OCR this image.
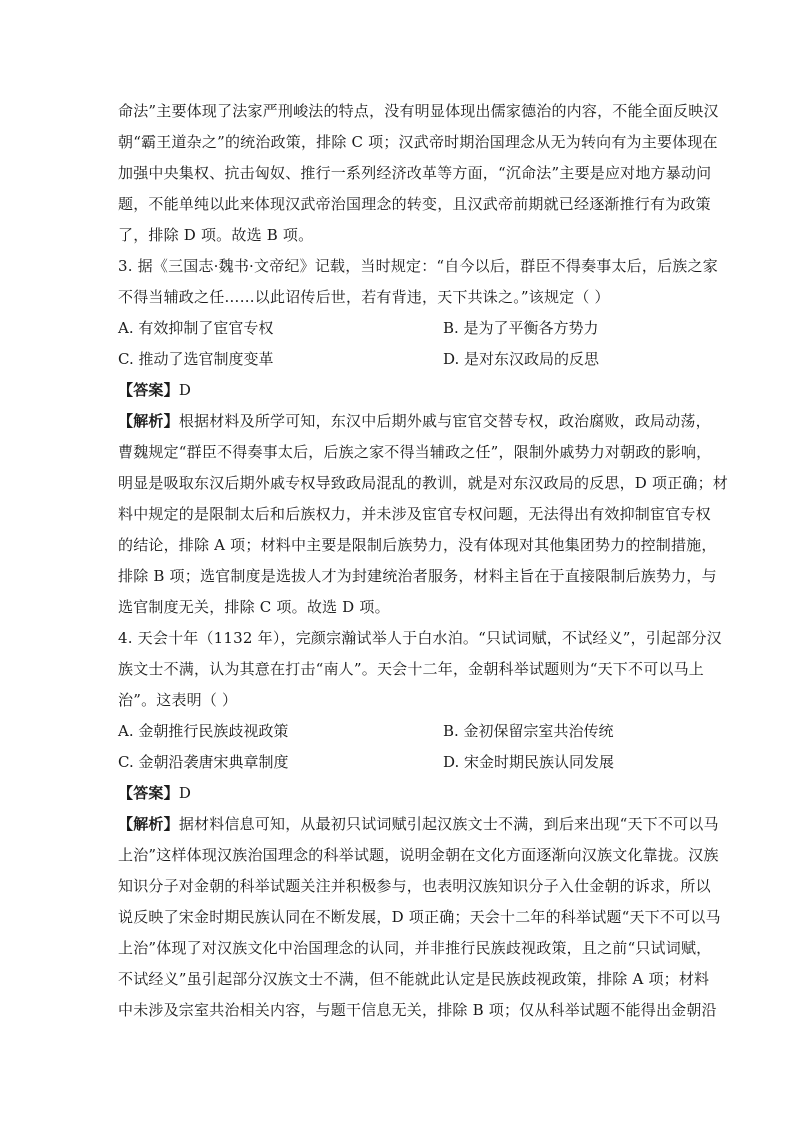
命法”主要体现了法家严刑峻法的特点，没有明显体现出儒家德治的内容，不能全面反映汉
朝“霸王道杂之”的统治政策，排除 C 项；汉武帝时期治国理念从无为转向有为主要体现在
加强中央集权、抗击匈奴、推行一系列经济改革等方面，“沉命法”主要是应对地方暴动问
题，不能单纯以此来体现汉武帝治国理念的转变，且汉武帝前期就已经逐渐推行有为政策
了，排除 D 项。故选 B 项。
3. 据《三国志·魏书·文帝纪》记载，当时规定：“自今以后，群臣不得奏事太后，后族之家
不得当辅政之任……以此诏传后世，若有背违，天下共诛之。”该规定（ ）
A. 有效抑制了宦官专权	B. 是为了平衡各方势力
C. 推动了选官制度变革	D. 是对东汉政局的反思
【答案】D
【解析】根据材料及所学可知，东汉中后期外戚与宦官交替专权，政治腐败，政局动荡，
曹魏规定“群臣不得奏事太后，后族之家不得当辅政之任”，限制外戚势力对朝政的影响，
明显是吸取东汉后期外戚专权导致政局混乱的教训，就是对东汉政局的反思，D 项正确；材
料中规定的是限制太后和后族权力，并未涉及宦官专权问题，无法得出有效抑制宦官专权
的结论，排除 A 项；材料中主要是限制后族势力，没有体现对其他集团势力的控制措施，
排除 B 项；选官制度是选拔人才为封建统治者服务，材料主旨在于直接限制后族势力，与
选官制度无关，排除 C 项。故选 D 项。
4. 天会十年（1132 年），完颜宗瀚试举人于白水泊。“只试词赋，不试经义”，引起部分汉
族文士不满，认为其意在打击“南人”。天会十二年，金朝科举试题则为“天下不可以马上
治”。这表明（ ）
A. 金朝推行民族歧视政策	B. 金初保留宗室共治传统
C. 金朝沿袭唐宋典章制度	D. 宋金时期民族认同发展
【答案】D
【解析】据材料信息可知，从最初只试词赋引起汉族文士不满，到后来出现“天下不可以马
上治”这样体现汉族治国理念的科举试题，说明金朝在文化方面逐渐向汉族文化靠拢。汉族
知识分子对金朝的科举试题关注并积极参与，也表明汉族知识分子入仕金朝的诉求，所以
说反映了宋金时期民族认同在不断发展，D 项正确；天会十二年的科举试题“天下不可以马
上治”体现了对汉族文化中治国理念的认同，并非推行民族歧视政策，且之前“只试词赋，
不试经义”虽引起部分汉族文士不满，但不能就此认定是民族歧视政策，排除 A 项；材料
中未涉及宗室共治相关内容，与题干信息无关，排除 B 项；仅从科举试题不能得出金朝沿
